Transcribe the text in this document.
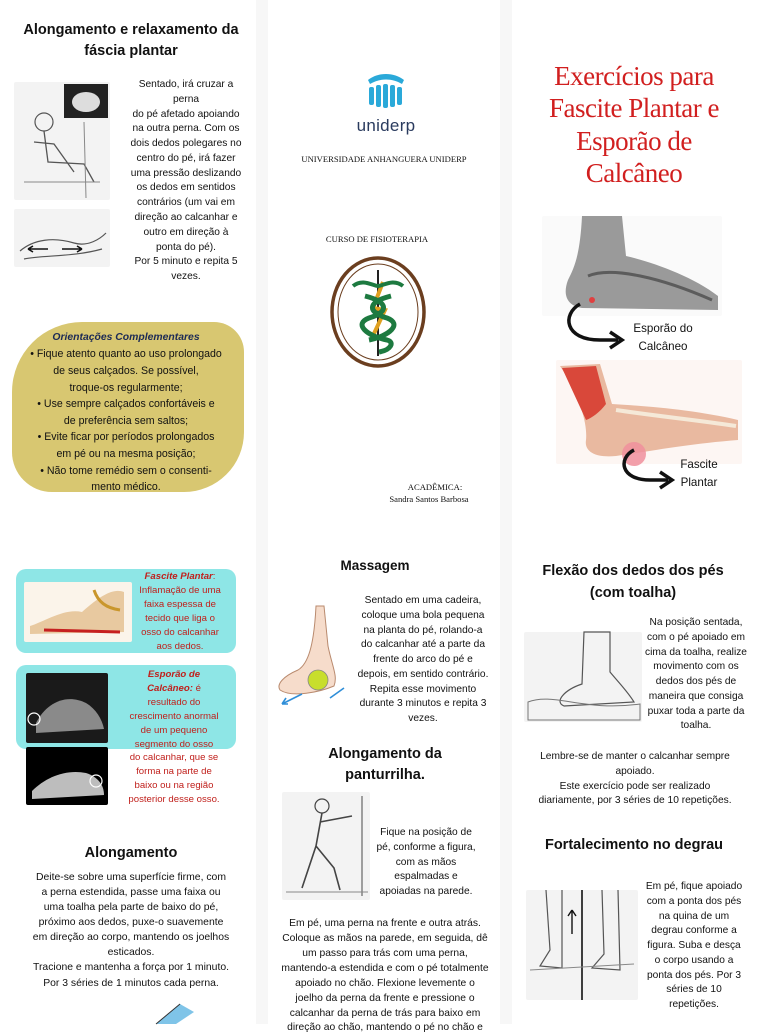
Alongamento e relaxamento da fáscia plantar
Sentado, irá cruzar a
perna
do pé afetado apoiando
na outra perna. Com os
dois dedos polegares no
centro do pé, irá fazer
uma pressão deslizando
os dedos em sentidos
contrários (um vai em
direção ao calcanhar e
outro em direção à
ponta do pé).
Por 5 minuto e repita 5
vezes.
Orientações Complementares
• Fique atento quanto ao uso prolongado
de seus calçados. Se possível,
troque-os regularmente;
• Use sempre calçados confortáveis e
de preferência sem saltos;
• Evite ficar por períodos prolongados
em pé ou na mesma posição;
• Não tome remédio sem o consenti-
mento médico.
Fascite Plantar:
Inflamação de uma
faixa espessa de
tecido que liga o
osso do calcanhar
aos dedos.
Esporão de
Calcâneo: é
resultado do
crescimento anormal
de um pequeno
segmento do osso
do calcanhar, que se
forma na parte de
baixo ou na região
posterior desse osso.
Alongamento
Deite-se sobre uma superfície firme, com
a perna estendida, passe uma faixa ou
uma toalha pela parte de baixo do pé,
próximo aos dedos, puxe-o suavemente
em direção ao corpo, mantendo os joelhos
esticados.
Tracione e mantenha a força por 1 minuto.
Por 3 séries de 1 minutos cada perna.
uniderp
UNIVERSIDADE ANHANGUERA UNIDERP
CURSO DE FISIOTERAPIA
ACADÊMICA:
Sandra Santos Barbosa
Massagem
Sentado em uma cadeira,
coloque uma bola pequena
na planta do pé, rolando-a
do calcanhar até a parte da
frente do arco do pé e
depois, em sentido contrário.
Repita esse movimento
durante 3 minutos e repita 3
vezes.
Alongamento da panturrilha.
Fique na posição de
pé, conforme a figura,
com as mãos
espalmadas e
apoiadas na parede.
Em pé, uma perna na frente e outra atrás.
Coloque as mãos na parede, em seguida, dê
um passo para trás com uma perna,
mantendo-a estendida e com o pé totalmente
apoiado no chão. Flexione levemente o
joelho da perna da frente e pressione o
calcanhar da perna de trás para baixo em
direção ao chão, mantendo o pé no chão e
Exercícios para
Fascite Plantar e
Esporão de
Calcâneo
Esporão do
Calcâneo
Fascite
Plantar
Flexão dos dedos dos pés (com toalha)
Na posição sentada,
com o pé apoiado em
cima da toalha, realize
movimento com os
dedos dos pés de
maneira que consiga
puxar toda a parte da
toalha.
Lembre-se de manter o calcanhar sempre
apoiado.
Este exercício pode ser realizado
diariamente, por 3 séries de 10 repetições.
Fortalecimento no degrau
Em pé, fique apoiado
com a ponta dos pés
na quina de um
degrau conforme a
figura. Suba e desça
o corpo usando a
ponta dos pés. Por 3
séries de 10
repetições.
